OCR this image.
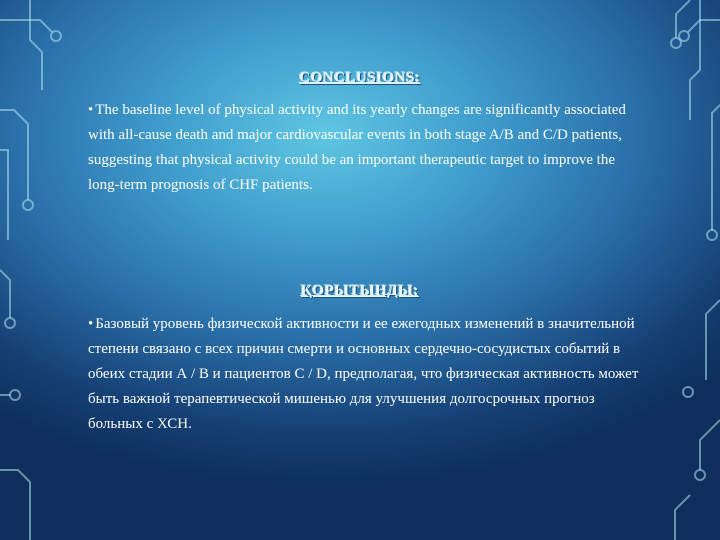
CONCLUSIONS:
• The baseline level of physical activity and its yearly changes are significantly associated with all-cause death and major cardiovascular events in both stage A/B and C/D patients, suggesting that physical activity could be an important therapeutic target to improve the long-term prognosis of CHF patients.
ҚОРЫТЫНДЫ:
• Базовый уровень физической активности и ее ежегодных изменений в значительной степени связано с всех причин смерти и основных сердечно-сосудистых событий в обеих стадии А / В и пациентов С / D, предполагая, что физическая активность может быть важной терапевтической мишенью для улучшения долгосрочных прогноз больных с ХСН.
